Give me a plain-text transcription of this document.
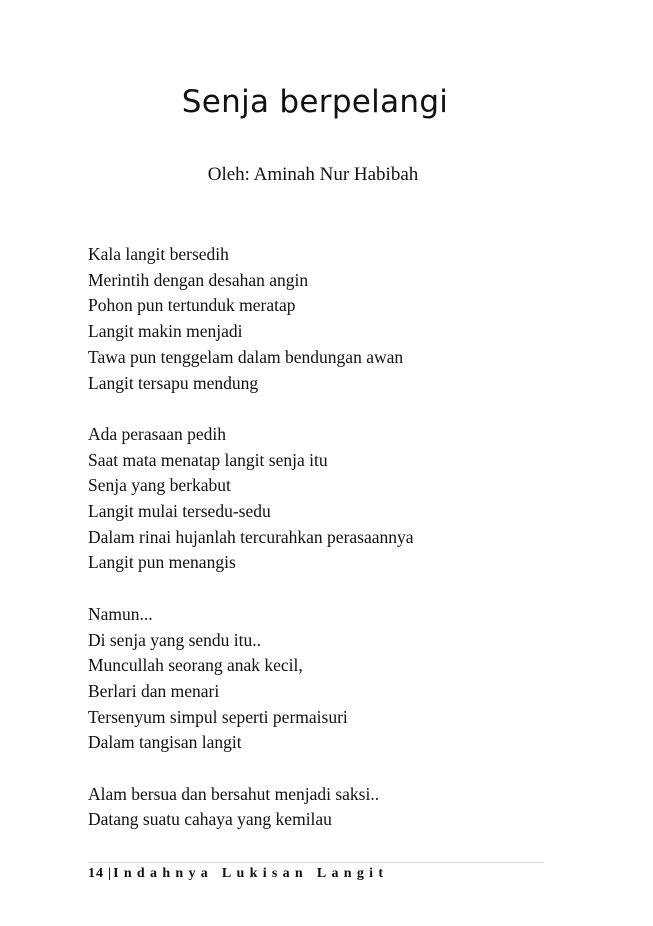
Senja berpelangi

Oleh: Aminah Nur Habibah

Kala langit bersedih
Merintih dengan desahan angin
Pohon pun tertunduk meratap
Langit makin menjadi
Tawa pun tenggelam dalam bendungan awan
Langit tersapu mendung
Ada perasaan pedih
Saat mata menatap langit senja itu
Senja yang berkabut
Langit mulai tersedu-sedu
Dalam rinai hujanlah tercurahkan perasaannya
Langit pun menangis
Namun...
Di senja yang sendu itu..
Muncullah seorang anak kecil,
Berlari dan menari
Tersenyum simpul seperti permaisuri
Dalam tangisan langit
Alam bersua dan bersahut menjadi saksi..
Datang suatu cahaya yang kemilau
14 | Indahnya Lukisan Langit
